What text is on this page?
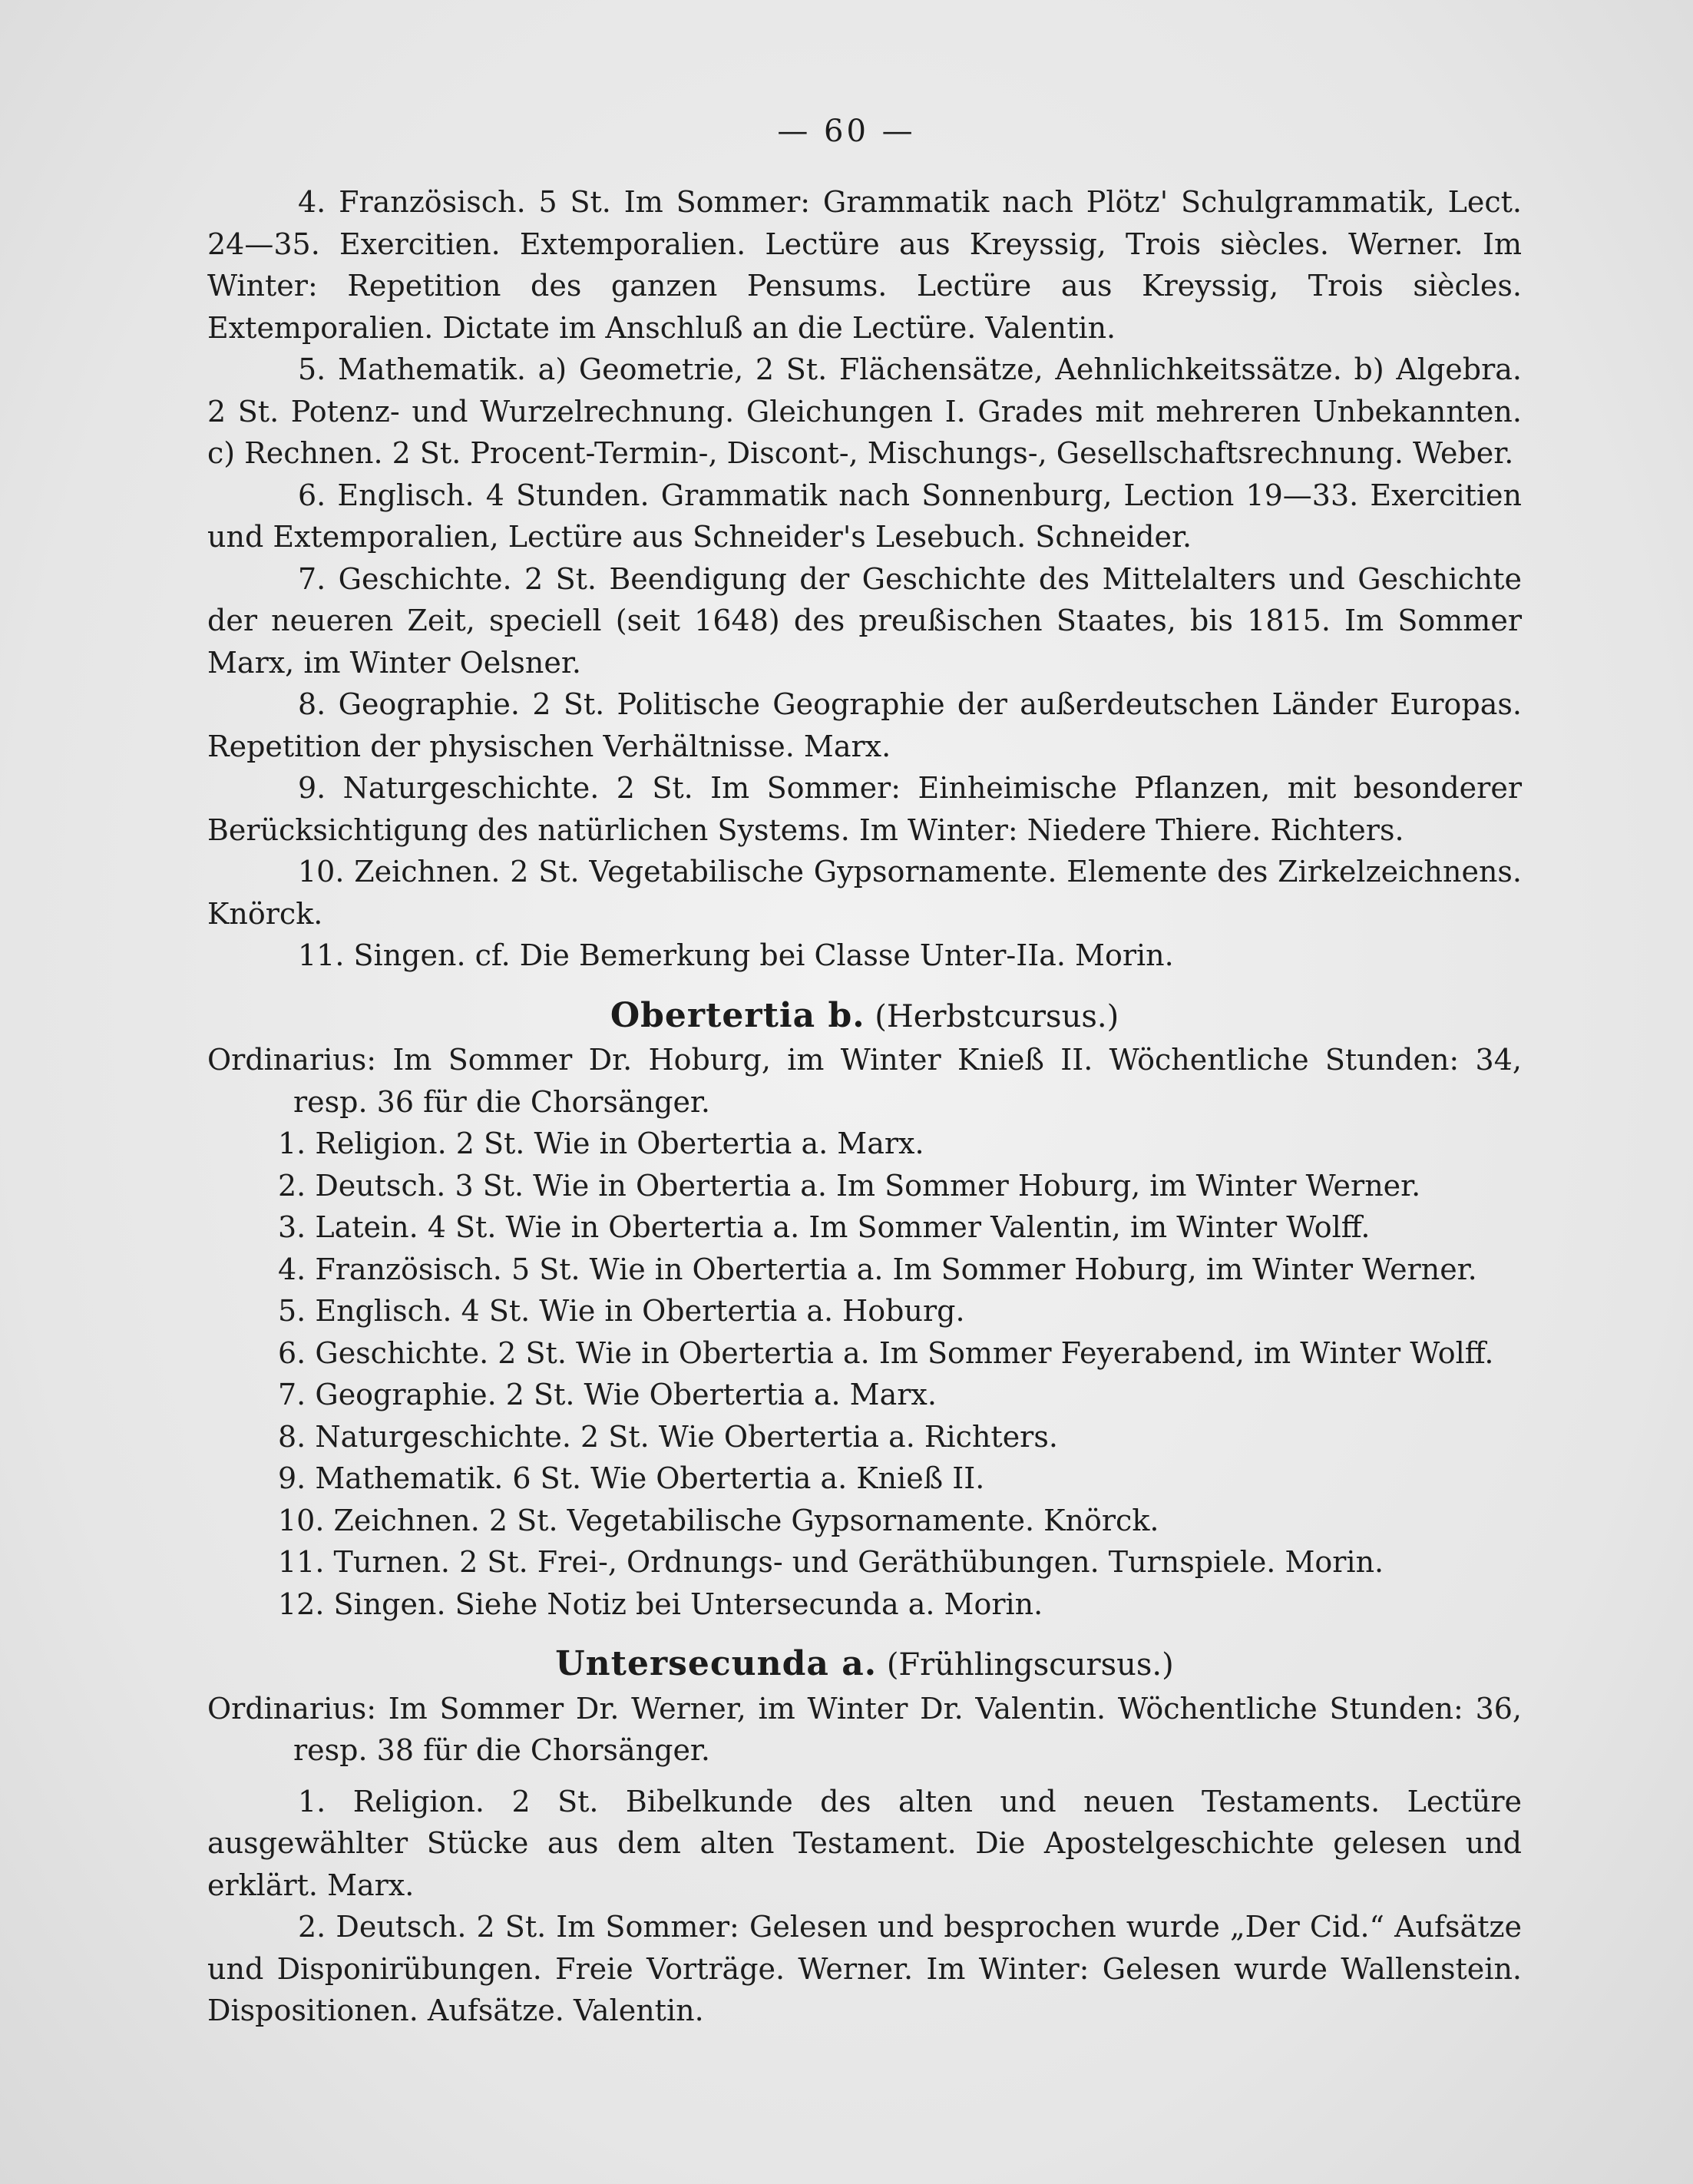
— 60 —

4. Französisch. 5 St. Im Sommer: Grammatik nach Plötz' Schulgrammatik, Lect. 24—35. Exercitien. Extemporalien. Lectüre aus Kreyssig, Trois siècles. Werner. Im Winter: Repetition des ganzen Pensums. Lectüre aus Kreyssig, Trois siècles. Extemporalien. Dictate im Anschluß an die Lectüre. Valentin.

5. Mathematik. a) Geometrie, 2 St. Flächensätze, Aehnlichkeitssätze. b) Algebra. 2 St. Potenz- und Wurzelrechnung. Gleichungen I. Grades mit mehreren Unbekannten. c) Rechnen. 2 St. Procent-Termin-, Discont-, Mischungs-, Gesellschaftsrechnung. Weber.

6. Englisch. 4 Stunden. Grammatik nach Sonnenburg, Lection 19—33. Exercitien und Extemporalien, Lectüre aus Schneider's Lesebuch. Schneider.

7. Geschichte. 2 St. Beendigung der Geschichte des Mittelalters und Geschichte der neueren Zeit, speciell (seit 1648) des preußischen Staates, bis 1815. Im Sommer Marx, im Winter Oelsner.

8. Geographie. 2 St. Politische Geographie der außerdeutschen Länder Europas. Repetition der physischen Verhältnisse. Marx.

9. Naturgeschichte. 2 St. Im Sommer: Einheimische Pflanzen, mit besonderer Berücksichtigung des natürlichen Systems. Im Winter: Niedere Thiere. Richters.

10. Zeichnen. 2 St. Vegetabilische Gypsornamente. Elemente des Zirkelzeichnens. Knörck.

11. Singen. cf. Die Bemerkung bei Classe Unter-IIa. Morin.

Obertertia b. (Herbstcursus.)

Ordinarius: Im Sommer Dr. Hoburg, im Winter Knieß II. Wöchentliche Stunden: 34, resp. 36 für die Chorsänger.

1. Religion. 2 St. Wie in Obertertia a. Marx.

2. Deutsch. 3 St. Wie in Obertertia a. Im Sommer Hoburg, im Winter Werner.

3. Latein. 4 St. Wie in Obertertia a. Im Sommer Valentin, im Winter Wolff.

4. Französisch. 5 St. Wie in Obertertia a. Im Sommer Hoburg, im Winter Werner.

5. Englisch. 4 St. Wie in Obertertia a. Hoburg.

6. Geschichte. 2 St. Wie in Obertertia a. Im Sommer Feyerabend, im Winter Wolff.

7. Geographie. 2 St. Wie Obertertia a. Marx.

8. Naturgeschichte. 2 St. Wie Obertertia a. Richters.

9. Mathematik. 6 St. Wie Obertertia a. Knieß II.

10. Zeichnen. 2 St. Vegetabilische Gypsornamente. Knörck.

11. Turnen. 2 St. Frei-, Ordnungs- und Geräthübungen. Turnspiele. Morin.

12. Singen. Siehe Notiz bei Untersecunda a. Morin.

Untersecunda a. (Frühlingscursus.)

Ordinarius: Im Sommer Dr. Werner, im Winter Dr. Valentin. Wöchentliche Stunden: 36, resp. 38 für die Chorsänger.

1. Religion. 2 St. Bibelkunde des alten und neuen Testaments. Lectüre ausgewählter Stücke aus dem alten Testament. Die Apostelgeschichte gelesen und erklärt. Marx.

2. Deutsch. 2 St. Im Sommer: Gelesen und besprochen wurde „Der Cid.“ Aufsätze und Disponirübungen. Freie Vorträge. Werner. Im Winter: Gelesen wurde Wallenstein. Dispositionen. Aufsätze. Valentin.
